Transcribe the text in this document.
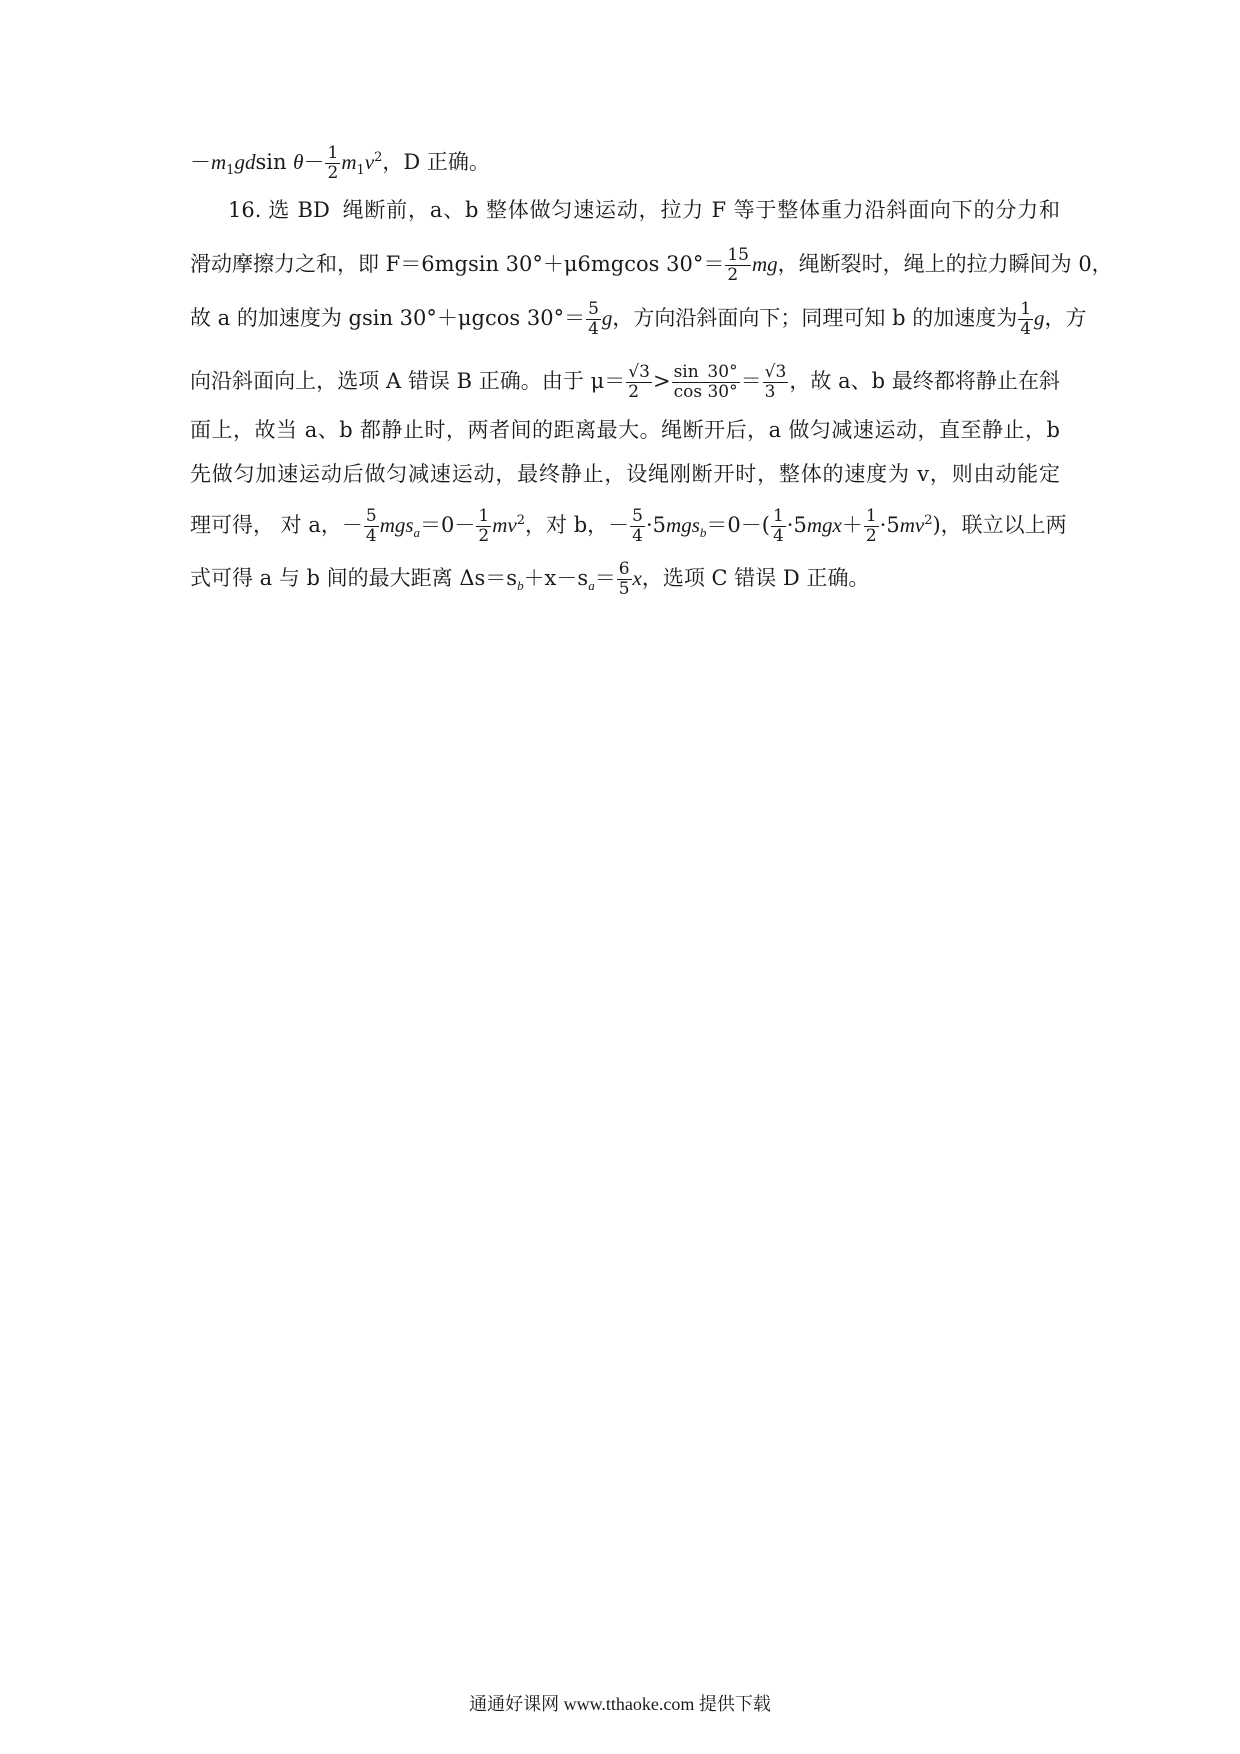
$-m_1gdsin$ $\theta- \frac{1}{2} m_1v^2$，D 正确。
16. 选 BD 绳断前，a、b 整体做匀速运动，拉力 F 等于整体重力沿斜面向下的分力和
滑动摩擦力之和，即 F＝6mgsin 30°＋μ6mgcos $30^\circ= \frac{15}{2}$ mg，绳断裂时，绳上的拉力瞬间为 0，
故 a 的加速度为 gsin 30°＋μgcos $30^\circ= \frac{5}{4}$ g，方向沿斜面向下；同理可知 b 的加速度为 $\frac{1}{4}$ g，方
向沿斜面向上，选项 A 错误 B 正确。由于 $\mu= \frac{√3}{2} > \frac{\sin 30^\circ}{\cos 30^\circ} = \frac{√3}{3}$ ，故 a、b 最终都将静止在斜
面上，故当 a、b 都静止时，两者间的距离最大。绳断开后，a 做匀减速运动，直至静止，b
先做匀加速运动后做匀减速运动，最终静止，设绳刚断开时，整体的速度为 v，则由动能定
理可得， 对 a，－ $\frac{5}{4} mgs_a=0- \frac{1}{2} mv^2$，对 b，－ $\frac{5}{4} \cdot 5mgs_b=0-( \frac{1}{4} \cdot 5mgx+ \frac{1}{2} \cdot 5mv^2)$，联立以上两
式可得 a 与 b 间的最大距离 $\Delta s=s_b+x-s_a= \frac{6}{5}$ x，选项 C 错误 D 正确。
通通好课网 www.tthaoke.com 提供下载
